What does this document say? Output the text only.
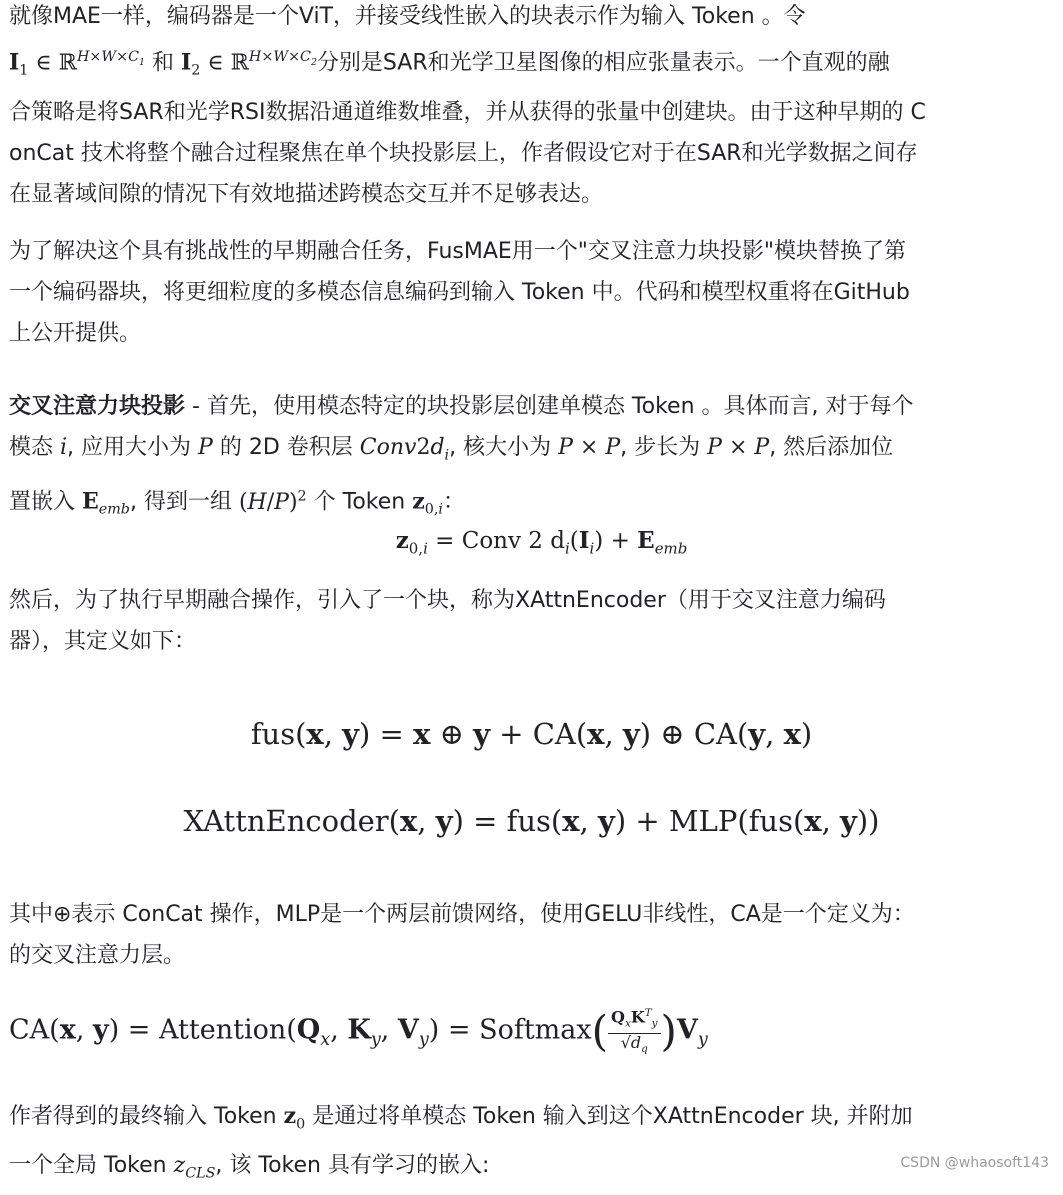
就像MAE一样，编码器是一个ViT，并接受线性嵌入的块表示作为输入 Token 。令
$I_1$ ∈ ℝ$^{H\times W\times C_1}$ 和 $I_2$ ∈ ℝ$^{H\times W\times C_2}$分别是SAR和光学卫星图像的相应张量表示。一个直观的融
合策略是将SAR和光学RSI数据沿通道维数堆叠，并从获得的张量中创建块。由于这种早期的 C
onCat 技术将整个融合过程聚焦在单个块投影层上，作者假设它对于在SAR和光学数据之间存
在显著域间隙的情况下有效地描述跨模态交互并不足够表达。
为了解决这个具有挑战性的早期融合任务，FusMAE用一个"交叉注意力块投影"模块替换了第
一个编码器块，将更细粒度的多模态信息编码到输入 Token 中。代码和模型权重将在GitHub
上公开提供。
交叉注意力块投影 - 首先，使用模态特定的块投影层创建单模态 Token 。具体而言, 对于每个
模态 i, 应用大小为 P 的 2D 卷积层 $Conv2d_i$, 核大小为 P × P, 步长为 P × P, 然后添加位
置嵌入 $E_{emb}$, 得到一组 $(H/P)^2$ 个 Token $z_{0,i}$：
$z_{0,i}$ = Conv 2 $d_i(I_i) + E_{emb}$
然后，为了执行早期融合操作，引入了一个块，称为XAttnEncoder（用于交叉注意力编码
器），其定义如下：
fus(x, y) = x ⊕ y + CA(x, y) ⊕ CA(y, x)
XAttnEncoder(x, y) = fus(x, y) + MLP(fus(x, y))
其中⊕表示 ConCat 操作，MLP是一个两层前馈网络，使用GELU非线性，CA是一个定义为：
的交叉注意力层。
CA(x, $y) = Attention(Q_x$, $K_y$, $V_y$) = Softmax( $\frac{Q_xK^T_y}{√d_q} )V_y$
作者得到的最终输入 Token $z_0$ 是通过将单模态 Token 输入到这个XAttnEncoder 块, 并附加
一个全局 Token $z_{CLS}$, 该 Token 具有学习的嵌入:	CSDN @whaosoft143
